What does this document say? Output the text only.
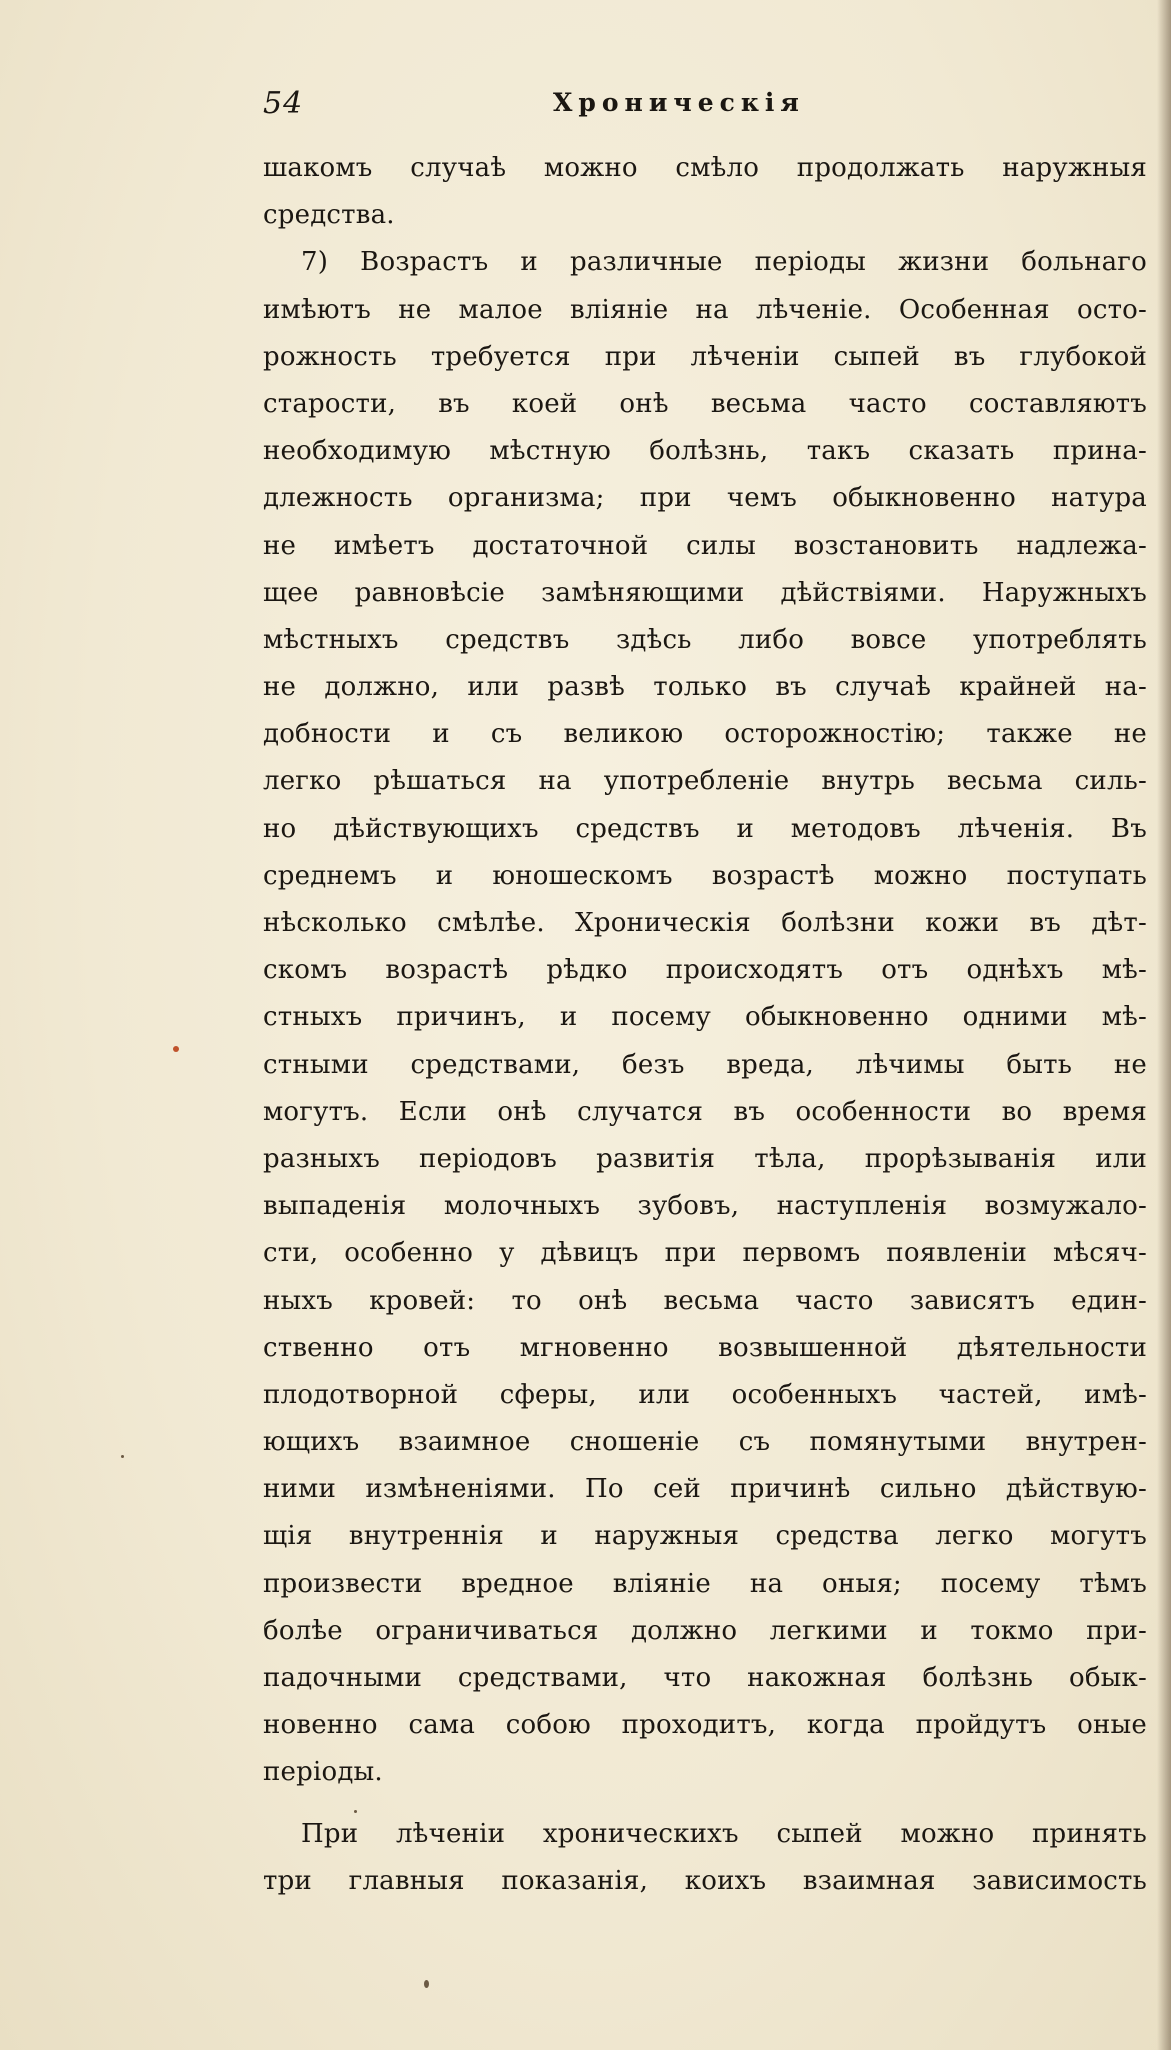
54	Хроническія
шакомъ случаѣ можно смѣло продолжать наружныя
средства.
7) Возрастъ и различные періоды жизни больнаго
имѣютъ не малое вліяніе на лѣченіе. Особенная осто-
рожность требуется при лѣченіи сыпей въ глубокой
старости, въ коей онѣ весьма часто составляютъ
необходимую мѣстную болѣзнь, такъ сказать прина-
длежность организма; при чемъ обыкновенно натура
не имѣетъ достаточной силы возстановить надлежа-
щее равновѣсіе замѣняющими дѣйствіями. Наружныхъ
мѣстныхъ средствъ здѣсь либо вовсе употреблять
не должно, или развѣ только въ случаѣ крайней на-
добности и съ великою осторожностію; также не
легко рѣшаться на употребленіе внутрь весьма силь-
но дѣйствующихъ средствъ и методовъ лѣченія. Въ
среднемъ и юношескомъ возрастѣ можно поступать
нѣсколько смѣлѣе. Хроническія болѣзни кожи въ дѣт-
скомъ возрастѣ рѣдко происходятъ отъ однѣхъ мѣ-
стныхъ причинъ, и посему обыкновенно одними мѣ-
стными средствами, безъ вреда, лѣчимы быть не
могутъ. Если онѣ случатся въ особенности во время
разныхъ періодовъ развитія тѣла, прорѣзыванія или
выпаденія молочныхъ зубовъ, наступленія возмужало-
сти, особенно у дѣвицъ при первомъ появленіи мѣсяч-
ныхъ кровей: то онѣ весьма часто зависятъ един-
ственно отъ мгновенно возвышенной дѣятельности
плодотворной сферы, или особенныхъ частей, имѣ-
ющихъ взаимное сношеніе съ помянутыми внутрен-
ними измѣненіями. По сей причинѣ сильно дѣйствую-
щія внутреннія и наружныя средства легко могутъ
произвести вредное вліяніе на оныя; посему тѣмъ
болѣе ограничиваться должно легкими и токмо при-
падочными средствами, что накожная болѣзнь обык-
новенно сама собою проходитъ, когда пройдутъ оные
періоды.
При лѣченіи хроническихъ сыпей можно принять
три главныя показанія, коихъ взаимная зависимость
